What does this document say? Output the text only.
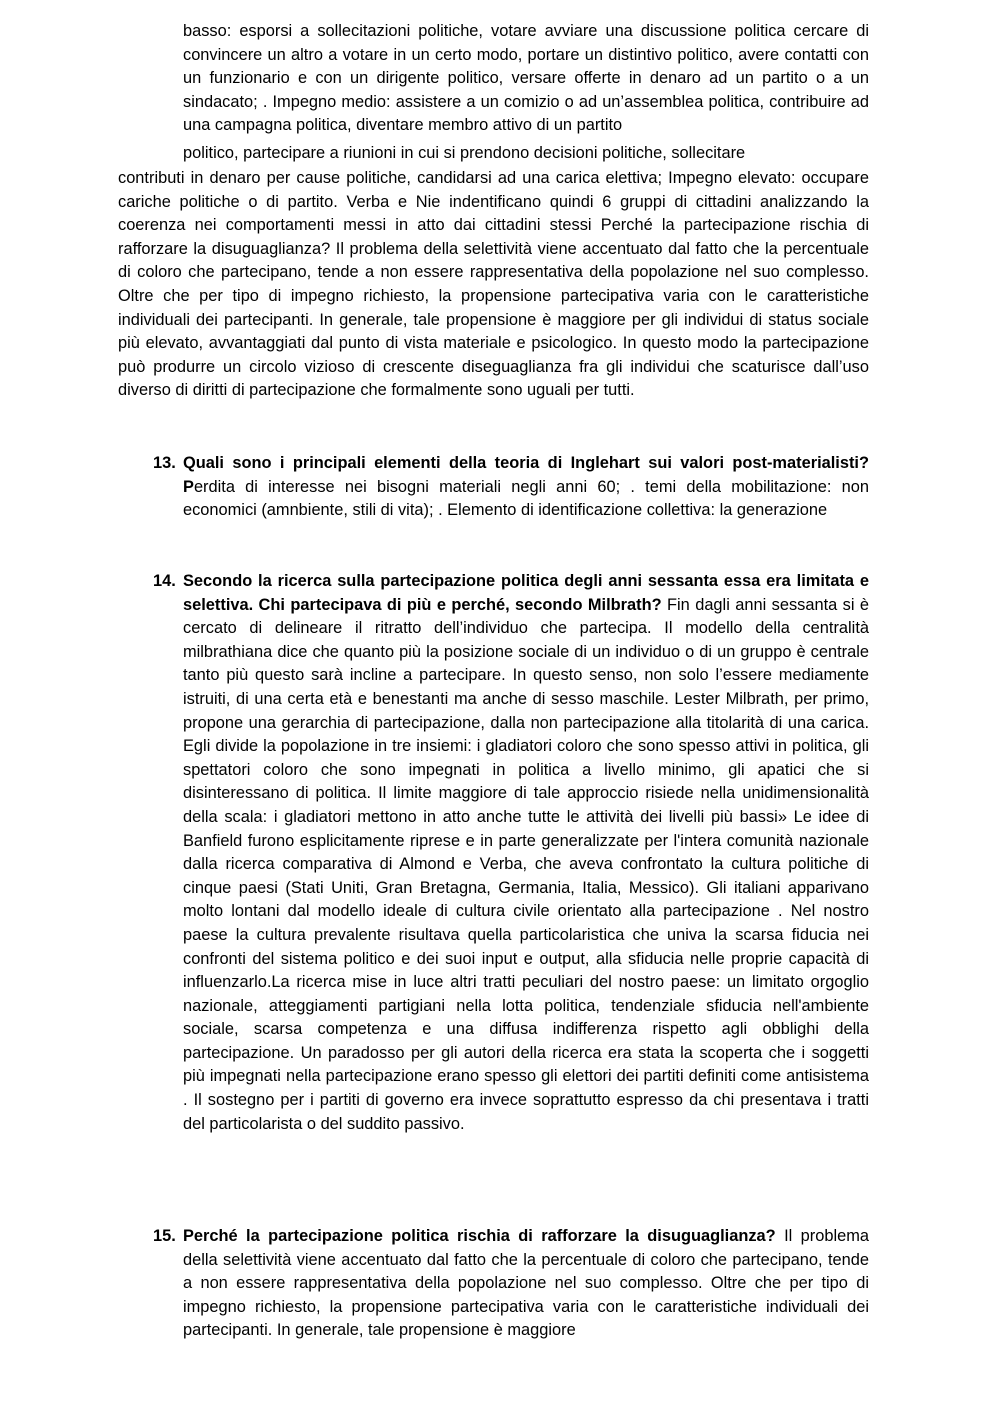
basso: esporsi a sollecitazioni politiche, votare avviare una discussione politica cercare di convincere un altro a votare in un certo modo, portare un distintivo politico, avere contatti con un funzionario e con un dirigente politico, versare offerte in denaro ad un partito o a un sindacato; . Impegno medio: assistere a un comizio o ad un’assemblea politica, contribuire ad una campagna politica, diventare membro attivo di un partito

politico, partecipare a riunioni in cui si prendono decisioni politiche, sollecitare

contributi in denaro per cause politiche, candidarsi ad una carica elettiva; Impegno elevato: occupare cariche politiche o di partito. Verba e Nie indentificano quindi 6 gruppi di cittadini analizzando la coerenza nei comportamenti messi in atto dai cittadini stessi Perché la partecipazione rischia di rafforzare la disuguaglianza? Il problema della selettività viene accentuato dal fatto che la percentuale di coloro che partecipano, tende a non essere rappresentativa della popolazione nel suo complesso. Oltre che per tipo di impegno richiesto, la propensione partecipativa varia con le caratteristiche individuali dei partecipanti. In generale, tale propensione è maggiore per gli individui di status sociale più elevato, avvantaggiati dal punto di vista materiale e psicologico. In questo modo la partecipazione può produrre un circolo vizioso di crescente diseguaglianza fra gli individui che scaturisce dall’uso diverso di diritti di partecipazione che formalmente sono uguali per tutti.

13. Quali sono i principali elementi della teoria di Inglehart sui valori post-materialisti? Perdita di interesse nei bisogni materiali negli anni 60; . temi della mobilitazione: non economici (amnbiente, stili di vita); . Elemento di identificazione collettiva: la generazione
14. Secondo la ricerca sulla partecipazione politica degli anni sessanta essa era limitata e selettiva. Chi partecipava di più e perché, secondo Milbrath? Fin dagli anni sessanta si è cercato di delineare il ritratto dell’individuo che partecipa. Il modello della centralità milbrathiana dice che quanto più la posizione sociale di un individuo o di un gruppo è centrale tanto più questo sarà incline a partecipare. In questo senso, non solo l’essere mediamente istruiti, di una certa età e benestanti ma anche di sesso maschile. Lester Milbrath, per primo, propone una gerarchia di partecipazione, dalla non partecipazione alla titolarità di una carica. Egli divide la popolazione in tre insiemi: i gladiatori coloro che sono spesso attivi in politica, gli spettatori coloro che sono impegnati in politica a livello minimo, gli apatici che si disinteressano di politica. Il limite maggiore di tale approccio risiede nella unidimensionalità della scala: i gladiatori mettono in atto anche tutte le attività dei livelli più bassi» Le idee di Banfield furono esplicitamente riprese e in parte generalizzate per l'intera comunità nazionale dalla ricerca comparativa di Almond e Verba, che aveva confrontato la cultura politiche di cinque paesi (Stati Uniti, Gran Bretagna, Germania, Italia, Messico). Gli italiani apparivano molto lontani dal modello ideale di cultura civile orientato alla partecipazione . Nel nostro paese la cultura prevalente risultava quella particolaristica che univa la scarsa fiducia nei confronti del sistema politico e dei suoi input e output, alla sfiducia nelle proprie capacità di influenzarlo.La ricerca mise in luce altri tratti peculiari del nostro paese: un limitato orgoglio nazionale, atteggiamenti partigiani nella lotta politica, tendenziale sfiducia nell'ambiente sociale, scarsa competenza e una diffusa indifferenza rispetto agli obblighi della partecipazione. Un paradosso per gli autori della ricerca era stata la scoperta che i soggetti più impegnati nella partecipazione erano spesso gli elettori dei partiti definiti come antisistema . Il sostegno per i partiti di governo era invece soprattutto espresso da chi presentava i tratti del particolarista o del suddito passivo.
15. Perché la partecipazione politica rischia di rafforzare la disuguaglianza? Il problema della selettività viene accentuato dal fatto che la percentuale di coloro che partecipano, tende a non essere rappresentativa della popolazione nel suo complesso. Oltre che per tipo di impegno richiesto, la propensione partecipativa varia con le caratteristiche individuali dei partecipanti. In generale, tale propensione è maggiore
